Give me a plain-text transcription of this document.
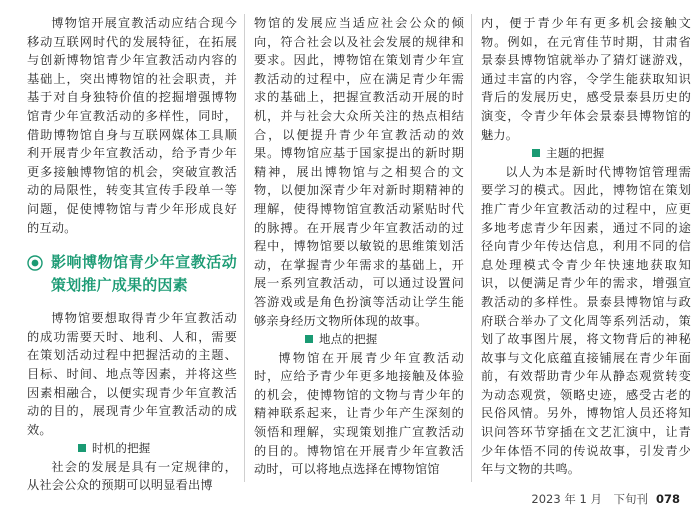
博物馆开展宣教活动应结合现今移动互联网时代的发展特征，在拓展与创新博物馆青少年宣教活动内容的基础上，突出博物馆的社会职责，并基于对自身独特价值的挖掘增强博物馆青少年宣教活动的多样性，同时，借助博物馆自身与互联网媒体工具顺利开展青少年宣教活动，给予青少年更多接触博物馆的机会，突破宣教活动的局限性，转变其宣传手段单一等问题，促使博物馆与青少年形成良好的互动。

影响博物馆青少年宣教活动策划推广成果的因素

博物馆要想取得青少年宣教活动的成功需要天时、地利、人和，需要在策划活动过程中把握活动的主题、目标、时间、地点等因素，并将这些因素相融合，以便实现青少年宣教活动的目的，展现青少年宣教活动的成效。

时机的把握

社会的发展是具有一定规律的，从社会公众的预期可以明显看出博

物馆的发展应当适应社会公众的倾向，符合社会以及社会发展的规律和要求。因此，博物馆在策划青少年宣教活动的过程中，应在满足青少年需求的基础上，把握宣教活动开展的时机，并与社会大众所关注的热点相结合，以便提升青少年宣教活动的效果。博物馆应基于国家提出的新时期精神，展出博物馆与之相契合的文物，以便加深青少年对新时期精神的理解，使得博物馆宣教活动紧贴时代的脉搏。在开展青少年宣教活动的过程中，博物馆要以敏锐的思维策划活动，在掌握青少年需求的基础上，开展一系列宣教活动，可以通过设置问答游戏或是角色扮演等活动让学生能够亲身经历文物所体现的故事。

地点的把握

博物馆在开展青少年宣教活动时，应给予青少年更多地接触及体验的机会，使博物馆的文物与青少年的精神联系起来，让青少年产生深刻的领悟和理解，实现策划推广宣教活动的目的。博物馆在开展青少年宣教活动时，可以将地点选择在博物馆馆

内，便于青少年有更多机会接触文物。例如，在元宵佳节时期，甘肃省景泰县博物馆就举办了猜灯谜游戏，通过丰富的内容，令学生能获取知识背后的发展历史，感受景泰县历史的演变，令青少年体会景泰县博物馆的魅力。

主题的把握

以人为本是新时代博物馆管理需要学习的模式。因此，博物馆在策划推广青少年宣教活动的过程中，应更多地考虑青少年因素，通过不同的途径向青少年传达信息，利用不同的信息处理模式令青少年快速地获取知识，以便满足青少年的需求，增强宣教活动的多样性。景泰县博物馆与政府联合举办了文化周等系列活动，策划了故事图片展，将文物背后的神秘故事与文化底蕴直接铺展在青少年面前，有效帮助青少年从静态观赏转变为动态观赏，领略史迹，感受古老的民俗风情。另外，博物馆人员还将知识问答环节穿插在文艺汇演中，让青少年体悟不同的传说故事，引发青少年与文物的共鸣。

2023 年 1 月　下旬刊 078
